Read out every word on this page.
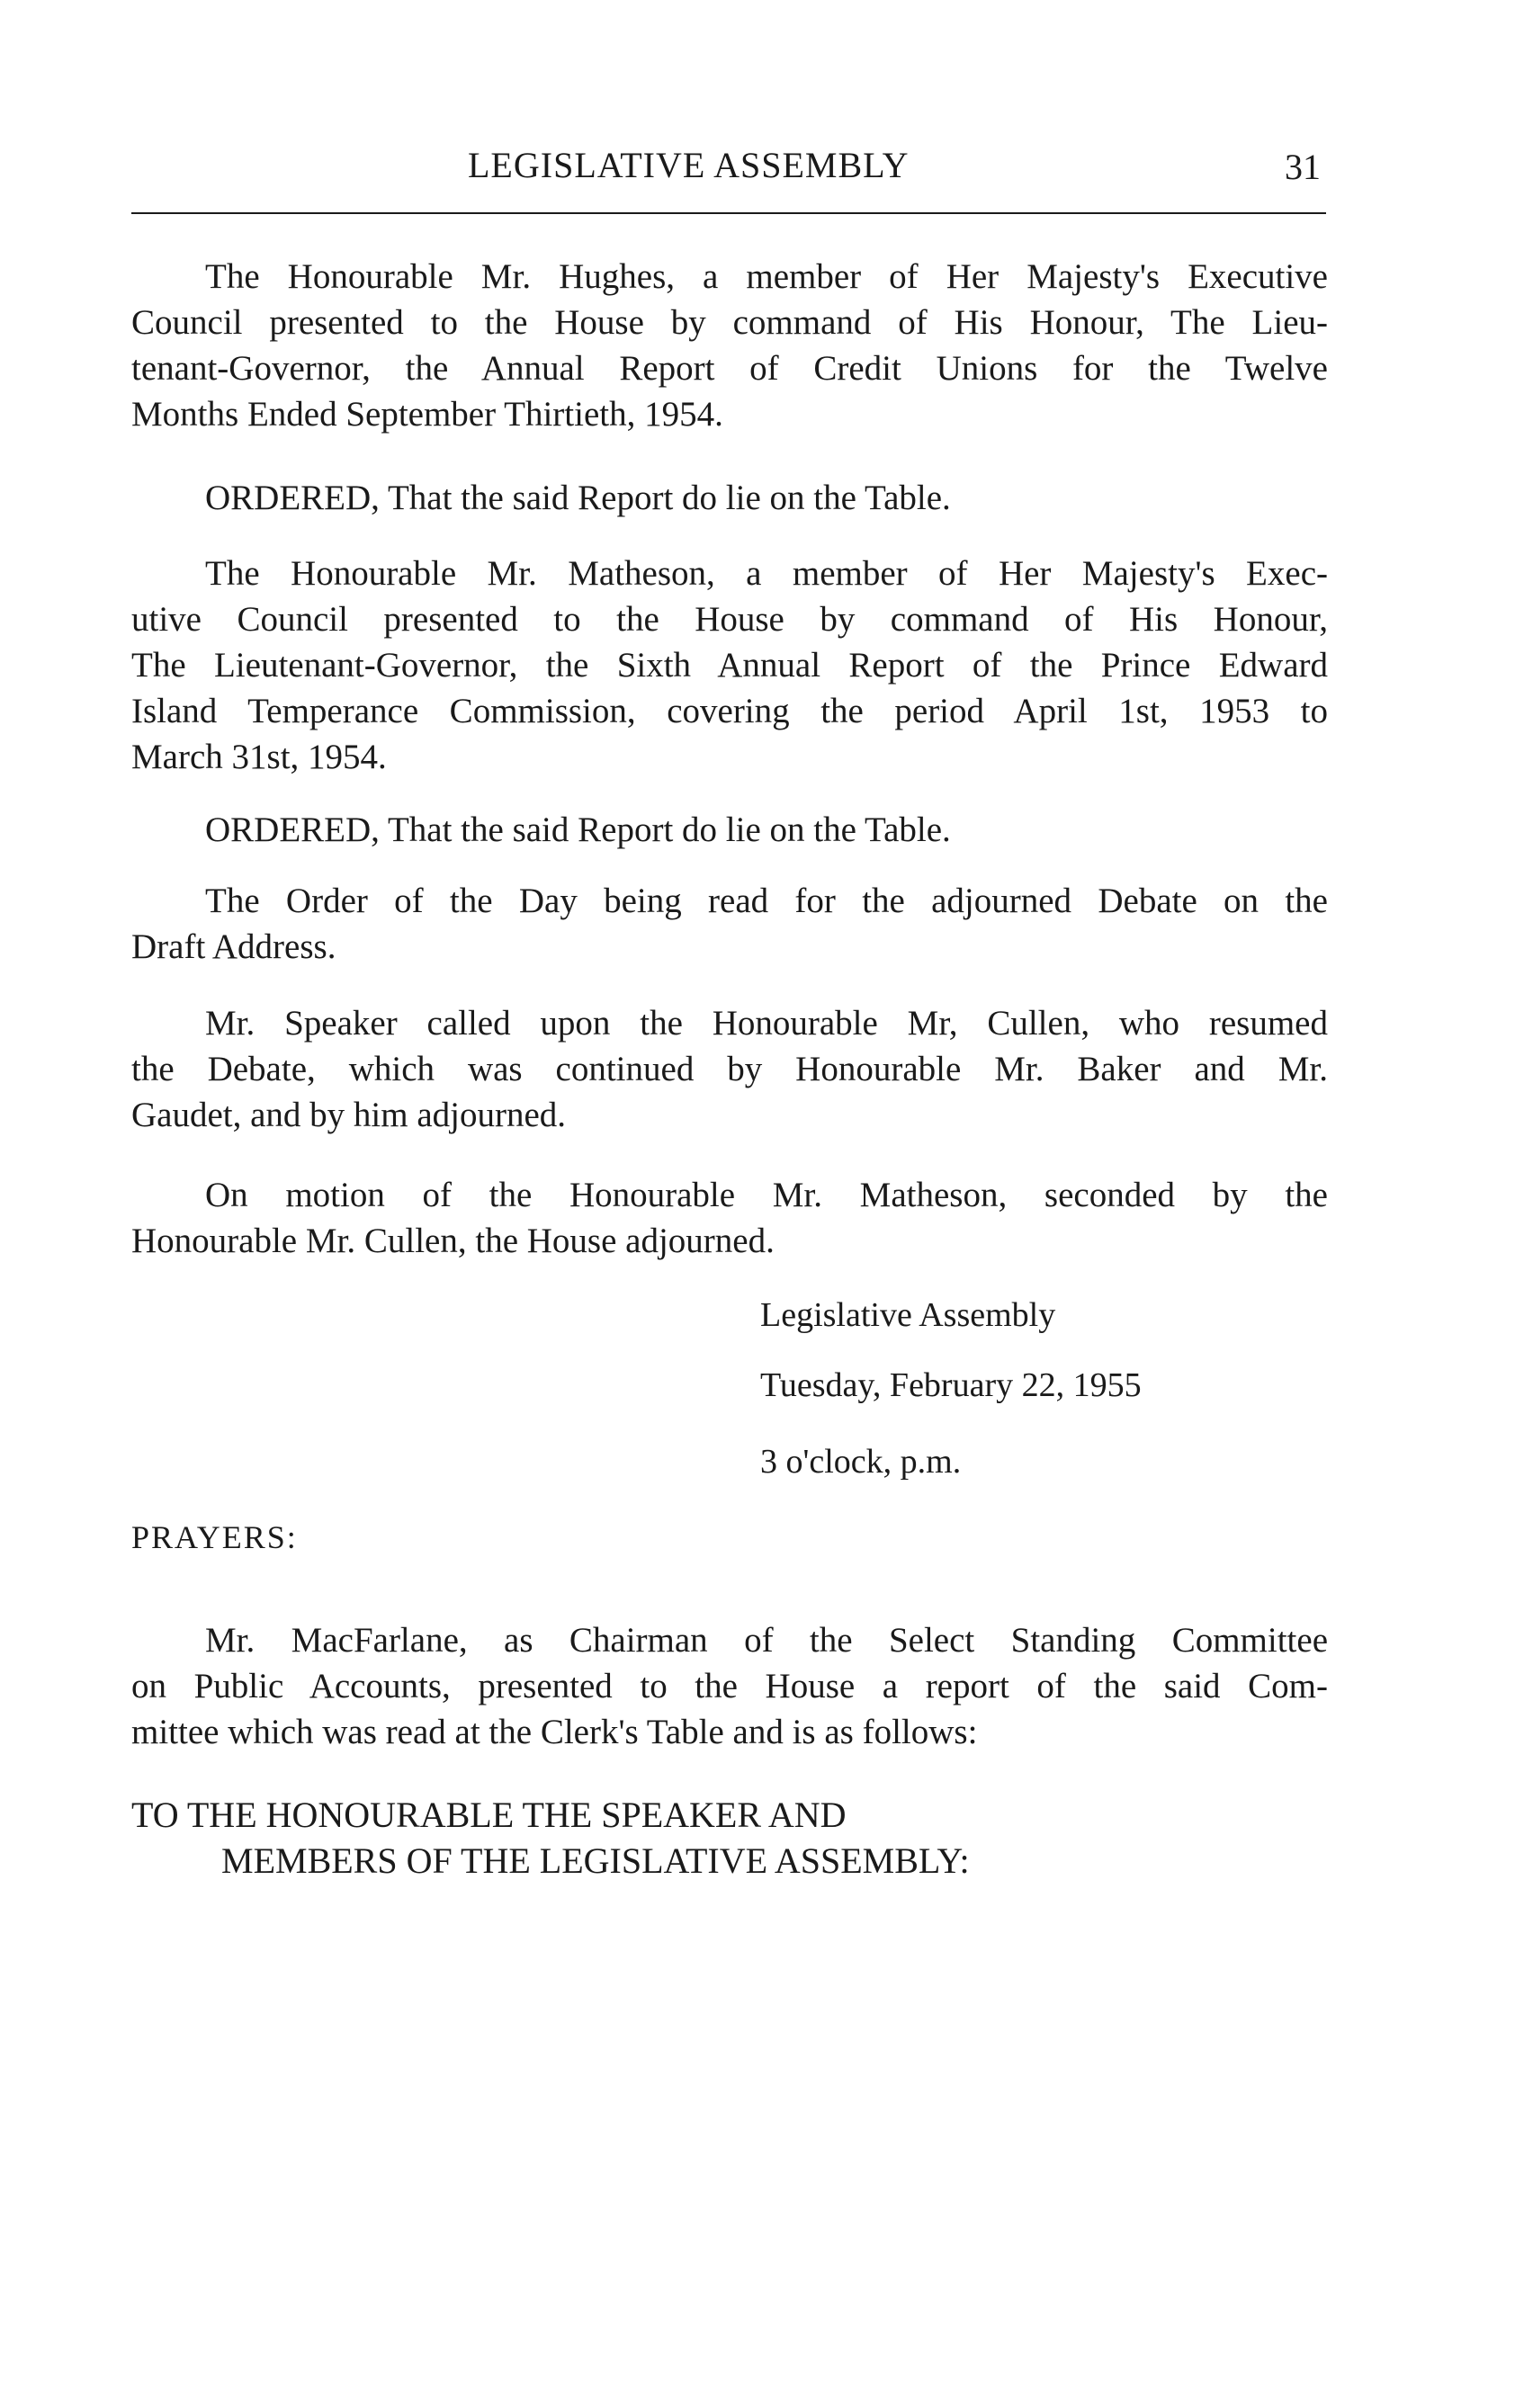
LEGISLATIVE ASSEMBLY	31
The Honourable Mr. Hughes, a member of Her Majesty's Executive
Council presented to the House by command of His Honour, The Lieu-
tenant-Governor, the Annual Report of Credit Unions for the Twelve
Months Ended September Thirtieth, 1954.
ORDERED, That the said Report do lie on the Table.
The Honourable Mr. Matheson, a member of Her Majesty's Exec-
utive Council presented to the House by command of His Honour,
The Lieutenant-Governor, the Sixth Annual Report of the Prince Edward
Island Temperance Commission, covering the period April 1st, 1953 to
March 31st, 1954.
ORDERED, That the said Report do lie on the Table.
The Order of the Day being read for the adjourned Debate on the
Draft Address.
Mr. Speaker called upon the Honourable Mr, Cullen, who resumed
the Debate, which was continued by Honourable Mr. Baker and Mr.
Gaudet, and by him adjourned.
On motion of the Honourable Mr. Matheson, seconded by the
Honourable Mr. Cullen, the House adjourned.
Legislative Assembly
Tuesday, February 22, 1955
3 o'clock, p.m.
PRAYERS:
Mr. MacFarlane, as Chairman of the Select Standing Committee
on Public Accounts, presented to the House a report of the said Com-
mittee which was read at the Clerk's Table and is as follows:
TO THE HONOURABLE THE SPEAKER AND
MEMBERS OF THE LEGISLATIVE ASSEMBLY:
